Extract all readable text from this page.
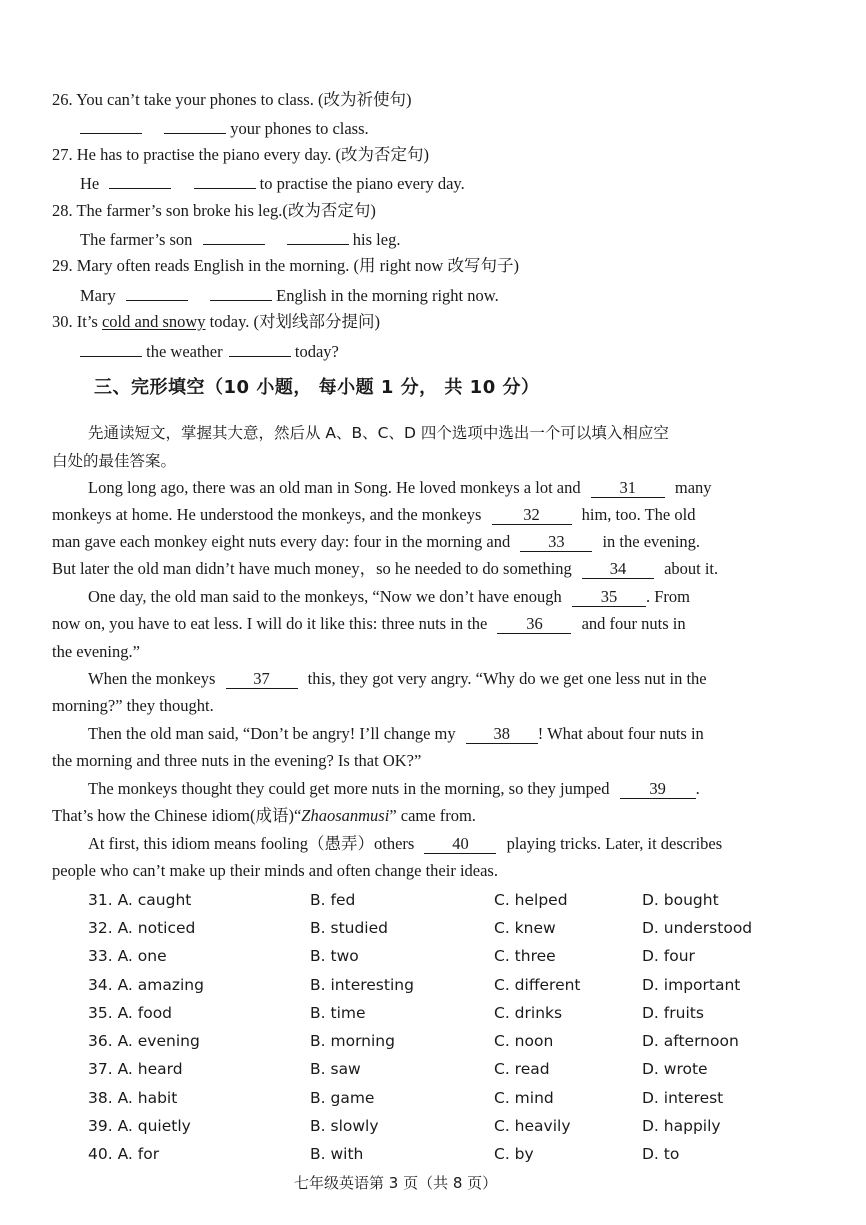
26. You can’t take your phones to class. (改为祈使句)
your phones to class.
27. He has to practise the piano every day. (改为否定句)
He	to practise the piano every day.
28. The farmer’s son broke his leg.(改为否定句)
The farmer’s son	his leg.
29. Mary often reads English in the morning. (用 right now 改写句子)
Mary	English in the morning right now.
30. It’s cold and snowy today. (对划线部分提问)
the weather	today?
三、完形填空（10 小题， 每小题 1 分， 共 10 分）
先通读短文，掌握其大意，然后从 A、B、C、D 四个选项中选出一个可以填入相应空
白处的最佳答案。
Long long ago, there was an old man in Song. He loved monkeys a lot and 31 many
monkeys at home. He understood the monkeys, and the monkeys	32	him, too. The old
man gave each monkey eight nuts every day: four in the morning and 33 in the evening.
But later the old man didn’t have much money，so he needed to do something 34 about it.
One day, the old man said to the monkeys, “Now we don’t have enough 35 . From
now on, you have to eat less. I will do it like this: three nuts in the 36 and four nuts in
the evening.”
When the monkeys 37 this, they got very angry. “Why do we get one less nut in the
morning?” they thought.
Then the old man said, “Don’t be angry! I’ll change my 38 ! What about four nuts in
the morning and three nuts in the evening? Is that OK?”
The monkeys thought they could get more nuts in the morning, so they jumped 39 .
That’s how the Chinese idiom(成语)“Zhaosanmusi” came from.
At first, this idiom means fooling（愚弄）others 40 playing tricks. Later, it describes
people who can’t make up their minds and often change their ideas.
31. A. caught	B. fed	C. helped	D. bought
32. A. noticed	B. studied	C. knew	D. understood
33. A. one	B. two	C. three	D. four
34. A. amazing	B. interesting	C. different	D. important
35. A. food	B. time	C. drinks	D. fruits
36. A. evening	B. morning	C. noon	D. afternoon
37. A. heard	B. saw	C. read	D. wrote
38. A. habit	B. game	C. mind	D. interest
39. A. quietly	B. slowly	C. heavily	D. happily
40. A. for	B. with	C. by	D. to
七年级英语第 3 页（共 8 页）
